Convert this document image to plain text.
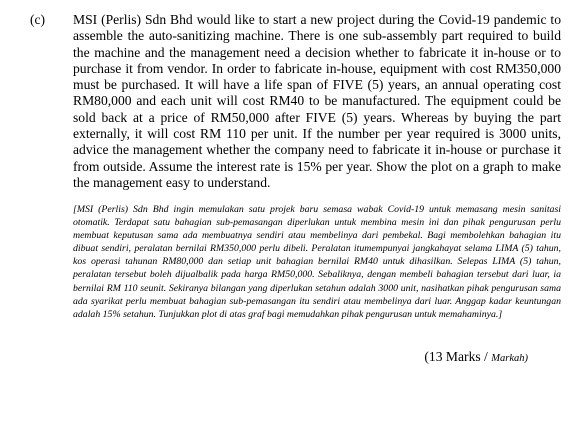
(c) MSI (Perlis) Sdn Bhd would like to start a new project during the Covid-19 pandemic to assemble the auto-sanitizing machine. There is one sub-assembly part required to build the machine and the management need a decision whether to fabricate it in-house or to purchase it from vendor. In order to fabricate in-house, equipment with cost RM350,000 must be purchased. It will have a life span of FIVE (5) years, an annual operating cost RM80,000 and each unit will cost RM40 to be manufactured. The equipment could be sold back at a price of RM50,000 after FIVE (5) years. Whereas by buying the part externally, it will cost RM 110 per unit. If the number per year required is 3000 units, advice the management whether the company need to fabricate it in-house or purchase it from outside. Assume the interest rate is 15% per year. Show the plot on a graph to make the management easy to understand.
[MSI (Perlis) Sdn Bhd ingin memulakan satu projek baru semasa wabak Covid-19 untuk memasang mesin sanitasi otomatik. Terdapat satu bahagian sub-pemasangan diperlukan untuk membina mesin ini dan pihak pengurusan perlu membuat keputusan sama ada membuatnya sendiri atau membelinya dari pembekal. Bagi membolehkan bahagian itu dibuat sendiri, peralatan bernilai RM350,000 perlu dibeli. Peralatan itumempunyai jangkahayat selama LIMA (5) tahun, kos operasi tahunan RM80,000 dan setiap unit bahagian bernilai RM40 untuk dihasilkan. Selepas LIMA (5) tahun, peralatan tersebut boleh dijualbalik pada harga RM50,000. Sebaliknya, dengan membeli bahagian tersebut dari luar, ia bernilai RM 110 seunit. Sekiranya bilangan yang diperlukan setahun adalah 3000 unit, nasihatkan pihak pengurusan sama ada syarikat perlu membuat bahagian sub-pemasangan itu sendiri atau membelinya dari luar. Anggap kadar keuntungan adalah 15% setahun. Tunjukkan plot di atas graf bagi memudahkan pihak pengurusan untuk memahaminya.]
(13 Marks / Markah)
